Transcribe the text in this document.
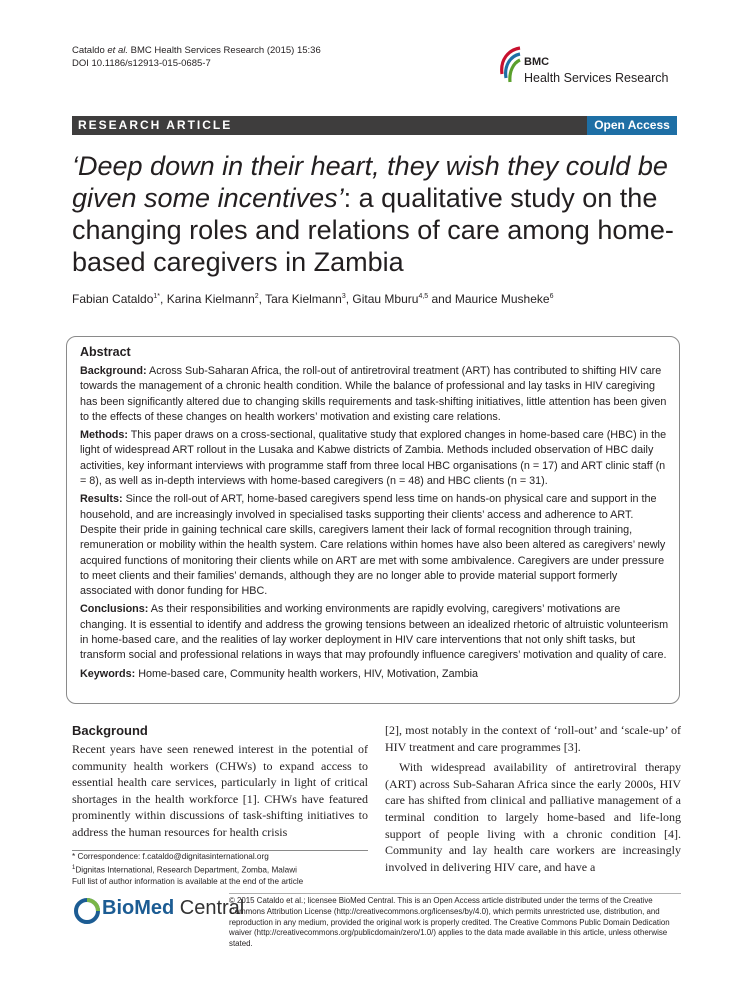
Cataldo et al. BMC Health Services Research (2015) 15:36
DOI 10.1186/s12913-015-0685-7	BMC
Health Services Research
RESEARCH ARTICLE	Open Access
‘Deep down in their heart, they wish they could be given some incentives’: a qualitative study on the changing roles and relations of care among home-based caregivers in Zambia
Fabian Cataldo$^{1*}$, Karina Kielmann$^2$, Tara Kielmann$^3$, Gitau Mburu$^{4,5}$ and Maurice Musheke$^6$
Abstract

Background: Across Sub-Saharan Africa, the roll-out of antiretroviral treatment (ART) has contributed to shifting HIV care towards the management of a chronic health condition. While the balance of professional and lay tasks in HIV caregiving has been significantly altered due to changing skills requirements and task-shifting initiatives, little attention has been given to the effects of these changes on health workers’ motivation and existing care relations.

Methods: This paper draws on a cross-sectional, qualitative study that explored changes in home-based care (HBC) in the light of widespread ART rollout in the Lusaka and Kabwe districts of Zambia. Methods included observation of HBC daily activities, key informant interviews with programme staff from three local HBC organisations (n = 17) and ART clinic staff (n = 8), as well as in-depth interviews with home-based caregivers (n = 48) and HBC clients (n = 31).

Results: Since the roll-out of ART, home-based caregivers spend less time on hands-on physical care and support in the household, and are increasingly involved in specialised tasks supporting their clients’ access and adherence to ART. Despite their pride in gaining technical care skills, caregivers lament their lack of formal recognition through training, remuneration or mobility within the health system. Care relations within homes have also been altered as caregivers’ newly acquired functions of monitoring their clients while on ART are met with some ambivalence. Caregivers are under pressure to meet clients and their families’ demands, although they are no longer able to provide material support formerly associated with donor funding for HBC.

Conclusions: As their responsibilities and working environments are rapidly evolving, caregivers’ motivations are changing. It is essential to identify and address the growing tensions between an idealized rhetoric of altruistic volunteerism in home-based care, and the realities of lay worker deployment in HIV care interventions that not only shift tasks, but transform social and professional relations in ways that may profoundly influence caregivers’ motivation and quality of care.

Keywords: Home-based care, Community health workers, HIV, Motivation, Zambia

Background

Recent years have seen renewed interest in the potential of community health workers (CHWs) to expand access to essential health care services, particularly in light of critical shortages in the health workforce [1]. CHWs have featured prominently within discussions of task-shifting initiatives to address the human resources for health crisis

[2], most notably in the context of ‘roll-out’ and ‘scale-up’ of HIV treatment and care programmes [3].

With widespread availability of antiretroviral therapy (ART) across Sub-Saharan Africa since the early 2000s, HIV care has shifted from clinical and palliative management of a terminal condition to largely home-based and life-long support of people living with a chronic condition [4]. Community and lay health care workers are increasingly involved in delivering HIV care, and have a

* Correspondence: f.cataldo@dignitasinternational.org
$^1$Dignitas International, Research Department, Zomba, Malawi
Full list of author information is available at the end of the article
BioMed Central
© 2015 Cataldo et al.; licensee BioMed Central. This is an Open Access article distributed under the terms of the Creative Commons Attribution License (http://creativecommons.org/licenses/by/4.0), which permits unrestricted use, distribution, and reproduction in any medium, provided the original work is properly credited. The Creative Commons Public Domain Dedication waiver (http://creativecommons.org/publicdomain/zero/1.0/) applies to the data made available in this article, unless otherwise stated.
